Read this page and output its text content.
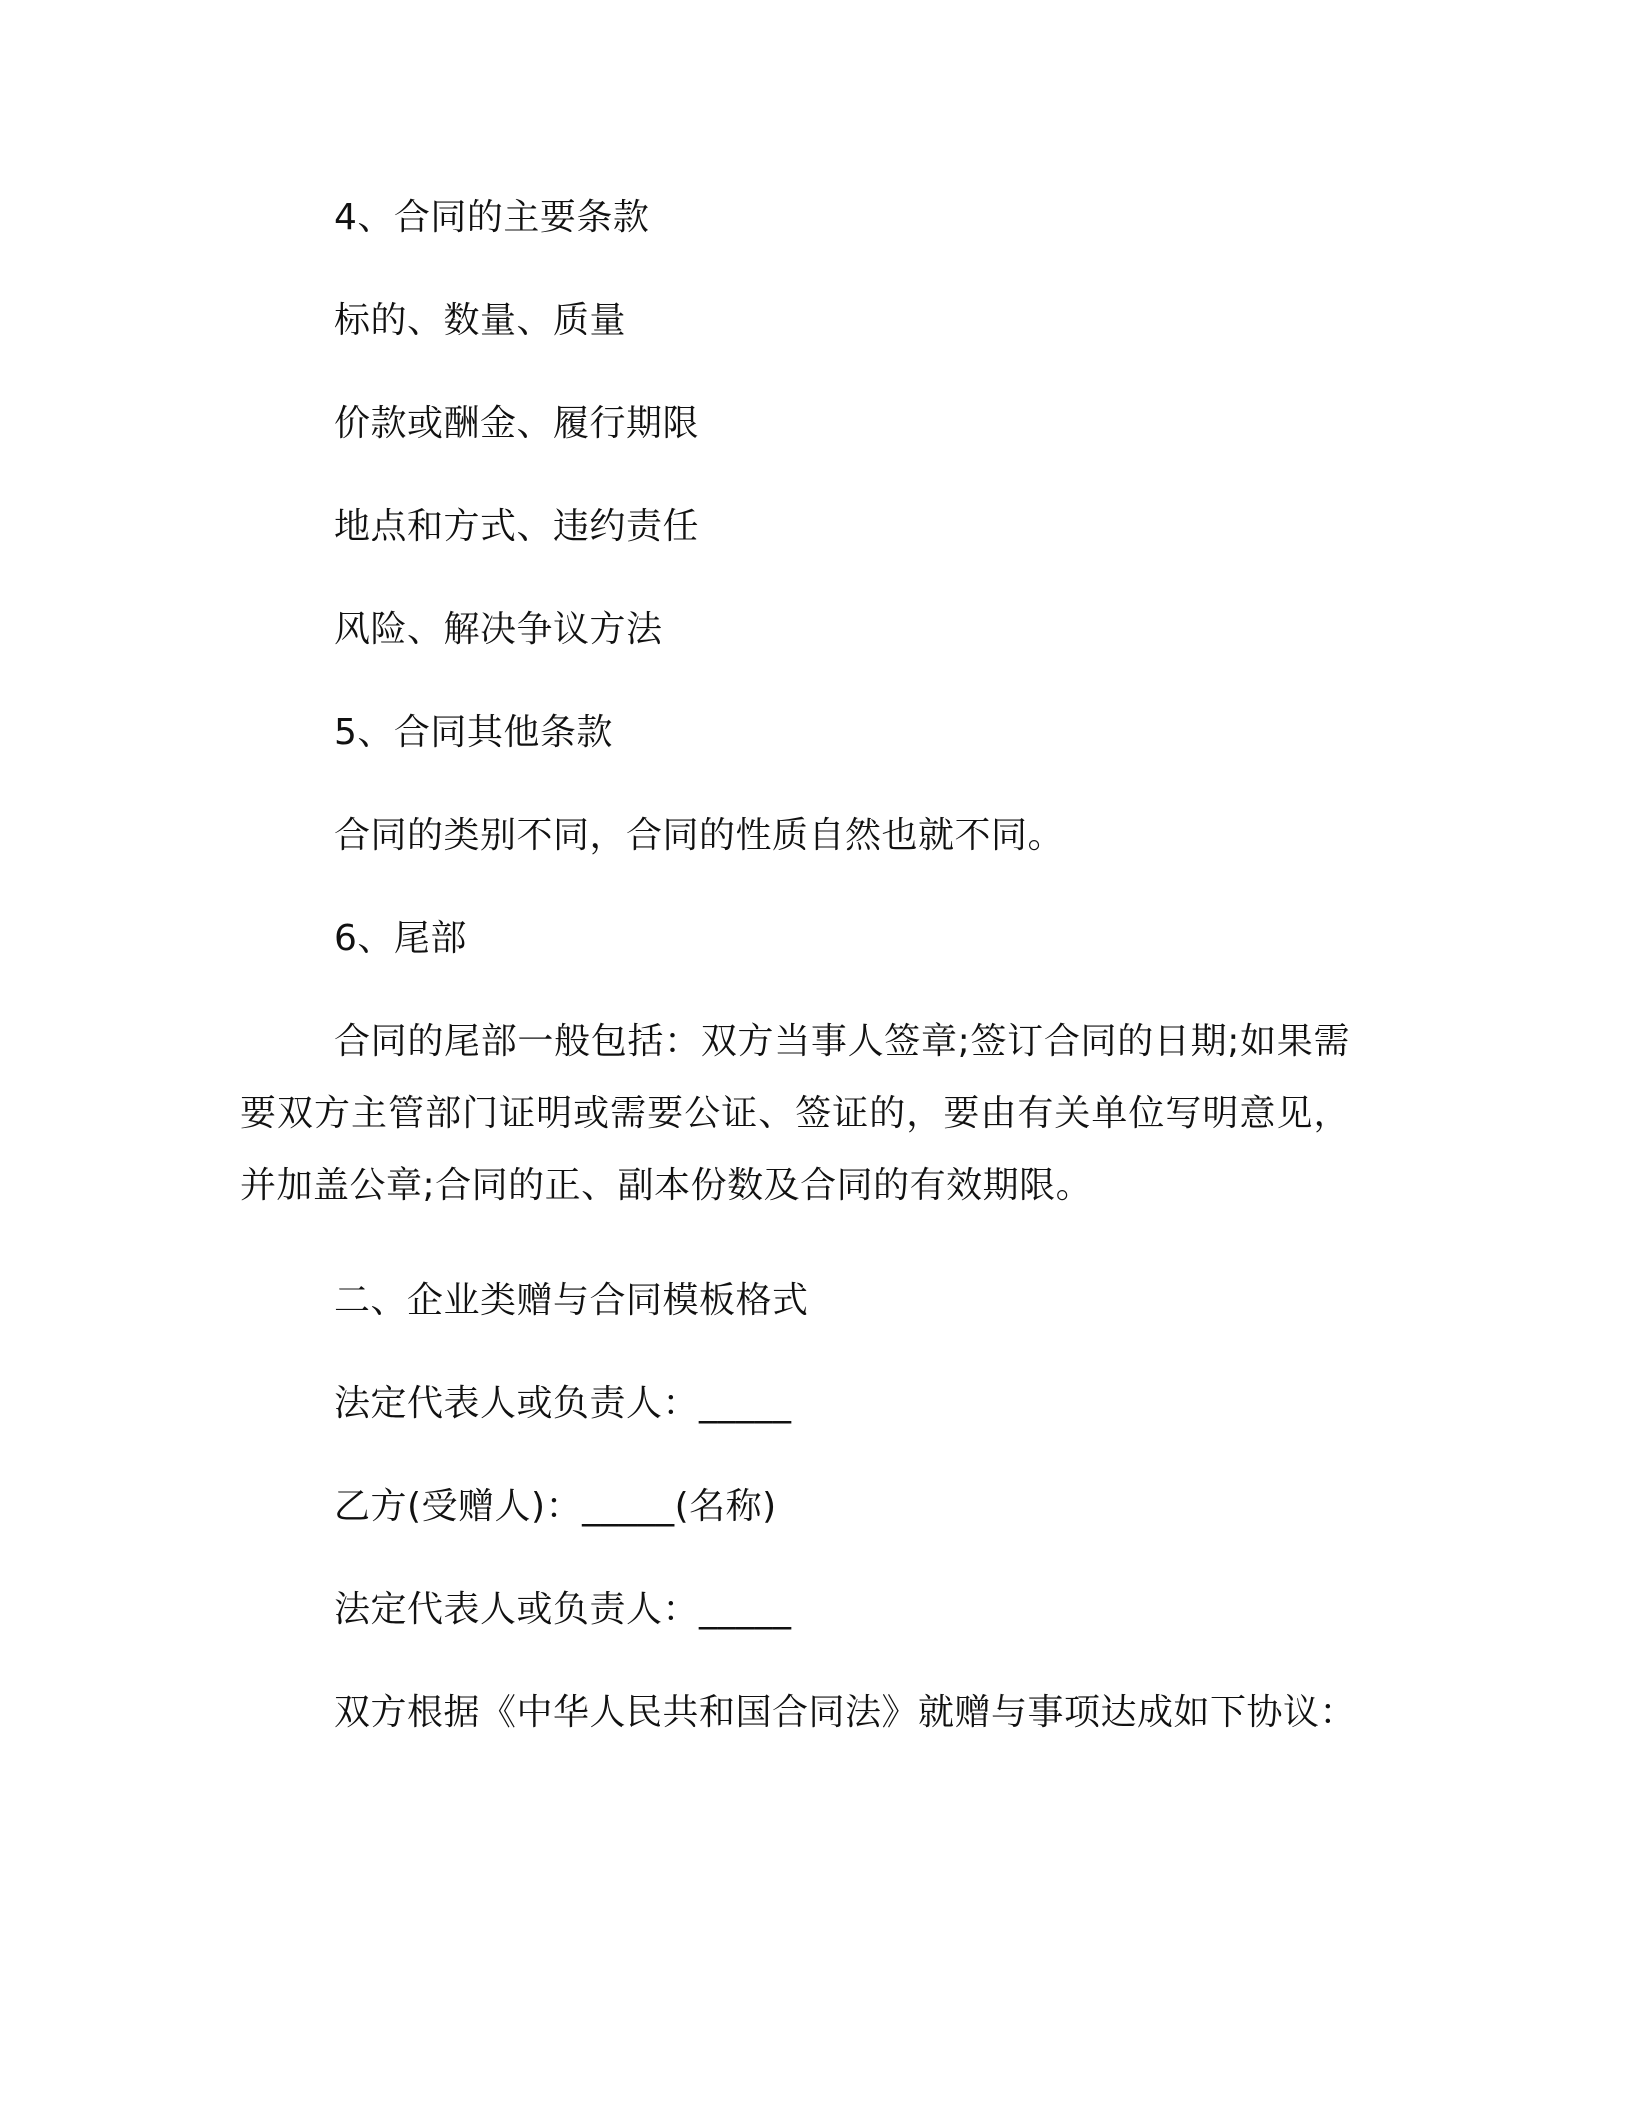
4、合同的主要条款
标的、数量、质量
价款或酬金、履行期限
地点和方式、违约责任
风险、解决争议方法
5、合同其他条款
合同的类别不同，合同的性质自然也就不同。
6、尾部
合同的尾部一般包括：双方当事人签章;签订合同的日期;如果需要双方主管部门证明或需要公证、签证的，要由有关单位写明意见，并加盖公章;合同的正、副本份数及合同的有效期限。
二、企业类赠与合同模板格式
法定代表人或负责人：_____
乙方(受赠人)：_____(名称)
法定代表人或负责人：_____
双方根据《中华人民共和国合同法》就赠与事项达成如下协议：
